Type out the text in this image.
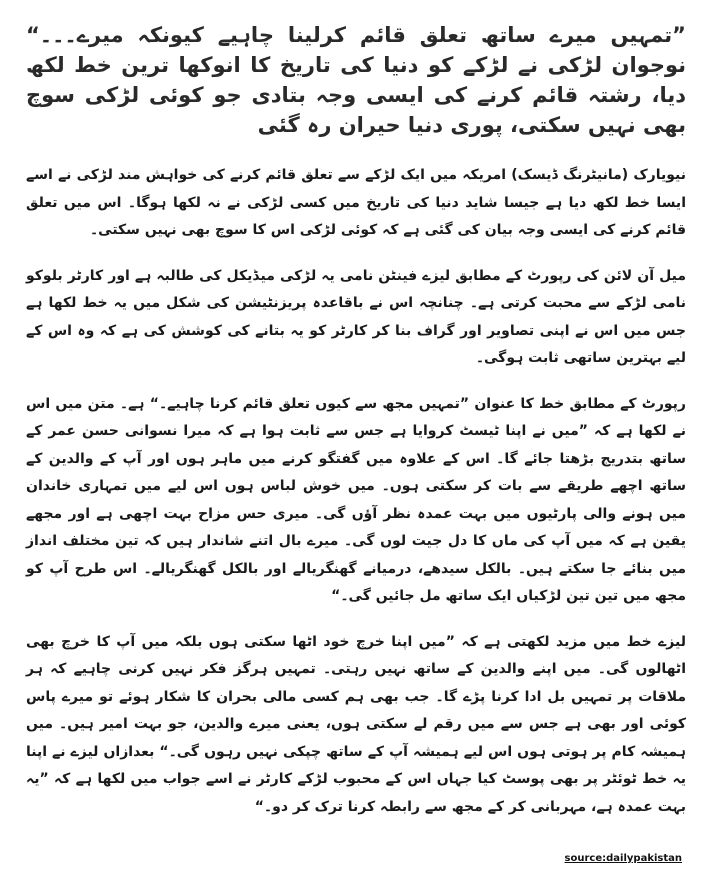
”تمہیں میرے ساتھ تعلق قائم کرلینا چاہیے کیونکہ میرے۔۔۔“ نوجوان لڑکی نے لڑکے کو دنیا کی تاریخ کا انوکھا ترین خط لکھ دیا، رشتہ قائم کرنے کی ایسی وجہ بتادی جو کوئی لڑکی سوچ بھی نہیں سکتی، پوری دنیا حیران رہ گئی
نیویارک (مانیٹرنگ ڈیسک) امریکہ میں ایک لڑکے سے تعلق قائم کرنے کی خواہش مند لڑکی نے اسے ایسا خط لکھ دیا ہے جیسا شاید دنیا کی تاریخ میں کسی لڑکی نے نہ لکھا ہوگا۔ اس میں تعلق قائم کرنے کی ایسی وجہ بیان کی گئی ہے کہ کوئی لڑکی اس کا سوچ بھی نہیں سکتی۔
میل آن لائن کی رپورٹ کے مطابق لیزے فینٹن نامی یہ لڑکی میڈیکل کی طالبہ ہے اور کارٹر بلوکو نامی لڑکے سے محبت کرتی ہے۔ چنانچہ اس نے باقاعدہ پریزنٹیشن کی شکل میں یہ خط لکھا ہے جس میں اس نے اپنی تصاویر اور گراف بنا کر کارٹر کو یہ بتانے کی کوشش کی ہے کہ وہ اس کے لیے بہترین ساتھی ثابت ہوگی۔
رپورٹ کے مطابق خط کا عنوان ”تمہیں مجھ سے کیوں تعلق قائم کرنا چاہیے۔“ ہے۔ متن میں اس نے لکھا ہے کہ ”میں نے اپنا ٹیسٹ کروایا ہے جس سے ثابت ہوا ہے کہ میرا نسوانی حسن عمر کے ساتھ بتدریج بڑھتا جائے گا۔ اس کے علاوہ میں گفتگو کرنے میں ماہر ہوں اور آپ کے والدین کے ساتھ اچھے طریقے سے بات کر سکتی ہوں۔ میں خوش لباس ہوں اس لیے میں تمہاری خاندان میں ہونے والی پارٹیوں میں بہت عمدہ نظر آؤں گی۔ میری حس مزاح بہت اچھی ہے اور مجھے یقین ہے کہ میں آپ کی ماں کا دل جیت لوں گی۔ میرے بال اتنے شاندار ہیں کہ تین مختلف انداز میں بنائے جا سکتے ہیں۔ بالکل سیدھے، درمیانے گھنگریالے اور بالکل گھنگریالے۔ اس طرح آپ کو مجھ میں تین تین لڑکیاں ایک ساتھ مل جائیں گی۔“
لیزے خط میں مزید لکھتی ہے کہ ”میں اپنا خرچ خود اٹھا سکتی ہوں بلکہ میں آپ کا خرچ بھی اٹھالوں گی۔ میں اپنے والدین کے ساتھ نہیں رہتی۔ تمہیں ہرگز فکر نہیں کرنی چاہیے کہ ہر ملاقات پر تمہیں بل ادا کرنا پڑے گا۔ جب بھی ہم کسی مالی بحران کا شکار ہوئے تو میرے پاس کوئی اور بھی ہے جس سے میں رقم لے سکتی ہوں، یعنی میرے والدین، جو بہت امیر ہیں۔ میں ہمیشہ کام پر ہوتی ہوں اس لیے ہمیشہ آپ کے ساتھ چپکی نہیں رہوں گی۔“ بعدازاں لیزے نے اپنا یہ خط ٹوئٹر پر بھی پوسٹ کیا جہاں اس کے محبوب لڑکے کارٹر نے اسے جواب میں لکھا ہے کہ ”یہ بہت عمدہ ہے، مہربانی کر کے مجھ سے رابطہ کرنا ترک کر دو۔“
source:dailypakistan
